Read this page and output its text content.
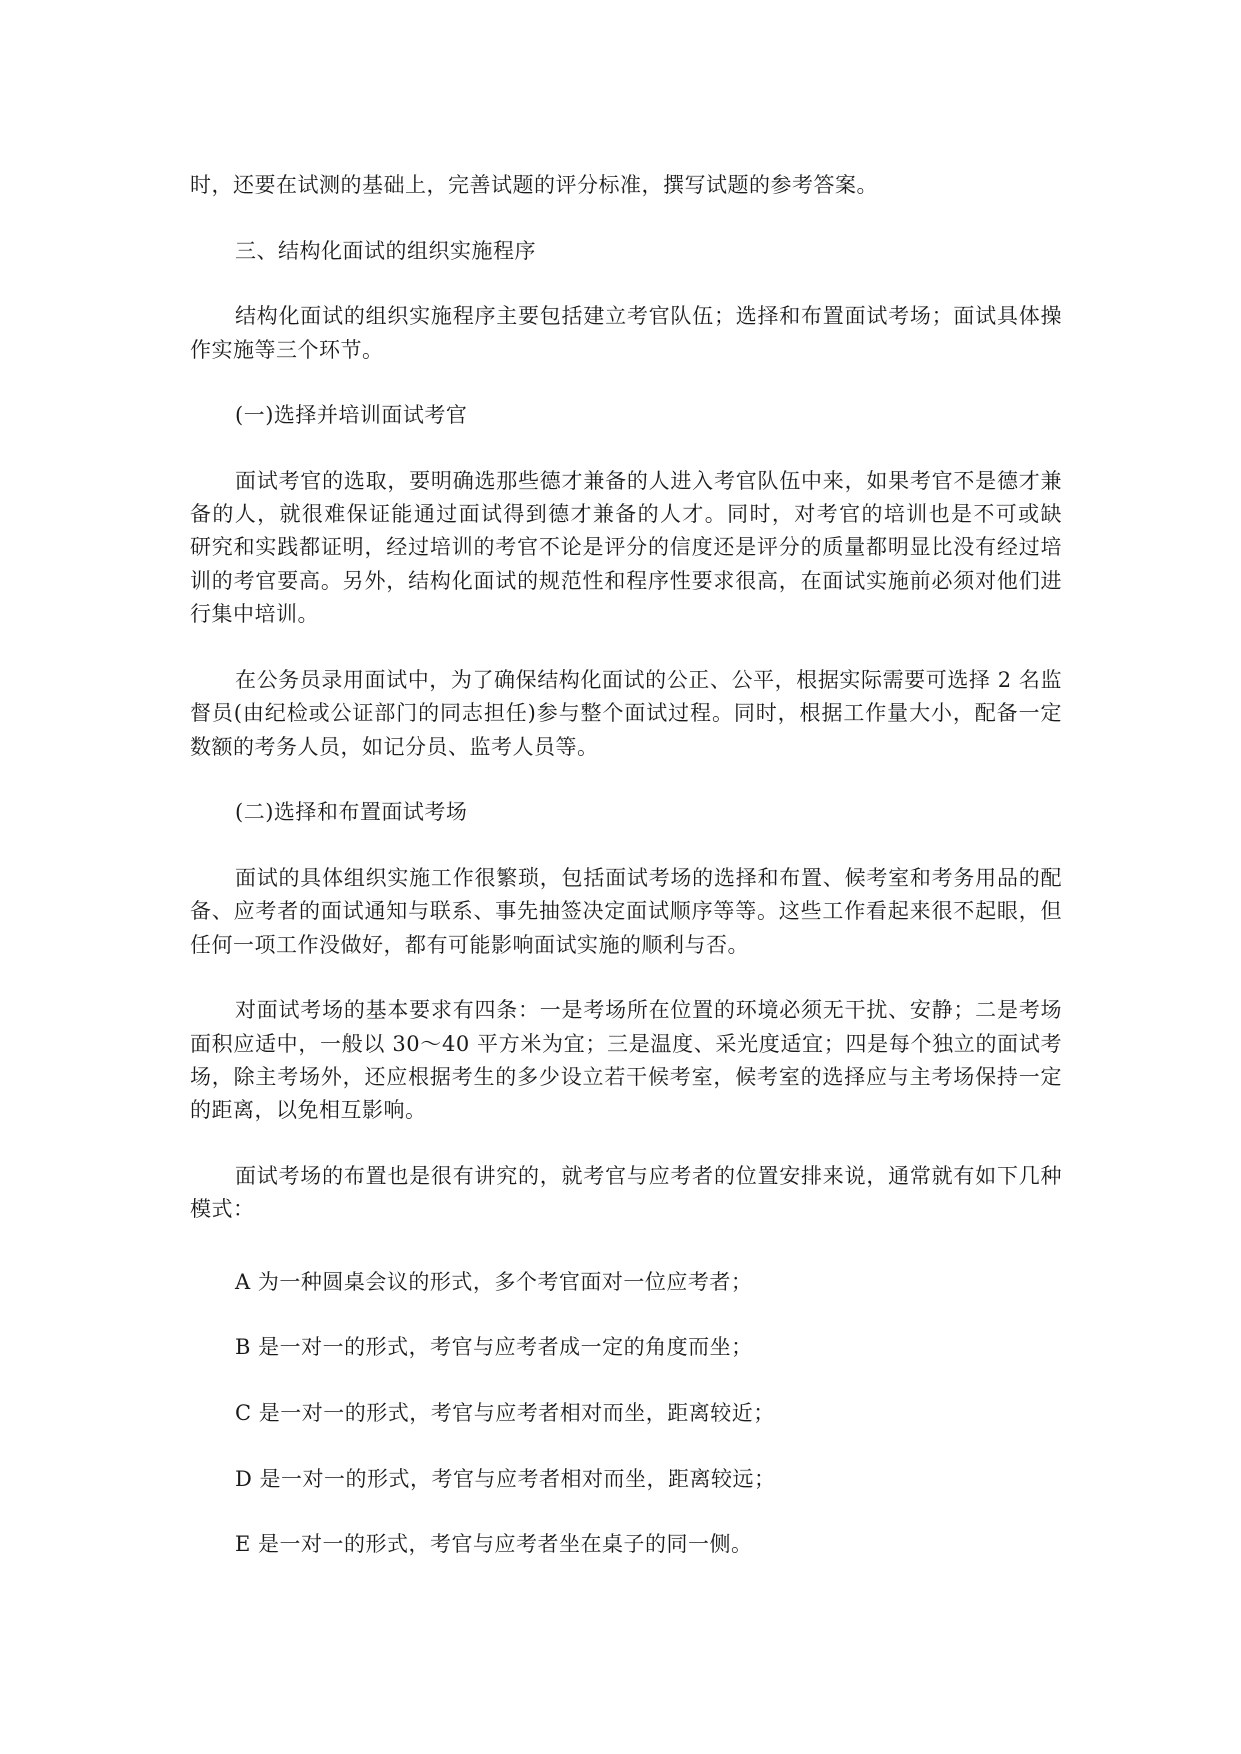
时，还要在试测的基础上，完善试题的评分标准，撰写试题的参考答案。

三、结构化面试的组织实施程序

结构化面试的组织实施程序主要包括建立考官队伍；选择和布置面试考场；面试具体操
作实施等三个环节。

(一)选择并培训面试考官

面试考官的选取，要明确选那些德才兼备的人进入考官队伍中来，如果考官不是德才兼
备的人，就很难保证能通过面试得到德才兼备的人才。同时，对考官的培训也是不可或缺
研究和实践都证明，经过培训的考官不论是评分的信度还是评分的质量都明显比没有经过培
训的考官要高。另外，结构化面试的规范性和程序性要求很高，在面试实施前必须对他们进
行集中培训。

在公务员录用面试中，为了确保结构化面试的公正、公平，根据实际需要可选择 2 名监
督员(由纪检或公证部门的同志担任)参与整个面试过程。同时，根据工作量大小，配备一定
数额的考务人员，如记分员、监考人员等。

(二)选择和布置面试考场

面试的具体组织实施工作很繁琐，包括面试考场的选择和布置、候考室和考务用品的配
备、应考者的面试通知与联系、事先抽签决定面试顺序等等。这些工作看起来很不起眼，但
任何一项工作没做好，都有可能影响面试实施的顺利与否。

对面试考场的基本要求有四条：一是考场所在位置的环境必须无干扰、安静；二是考场
面积应适中，一般以 30～40 平方米为宜；三是温度、采光度适宜；四是每个独立的面试考
场，除主考场外，还应根据考生的多少设立若干候考室，候考室的选择应与主考场保持一定
的距离，以免相互影响。

面试考场的布置也是很有讲究的，就考官与应考者的位置安排来说，通常就有如下几种
模式：

A 为一种圆桌会议的形式，多个考官面对一位应考者；

B 是一对一的形式，考官与应考者成一定的角度而坐；

C 是一对一的形式，考官与应考者相对而坐，距离较近；

D 是一对一的形式，考官与应考者相对而坐，距离较远；

E 是一对一的形式，考官与应考者坐在桌子的同一侧。
